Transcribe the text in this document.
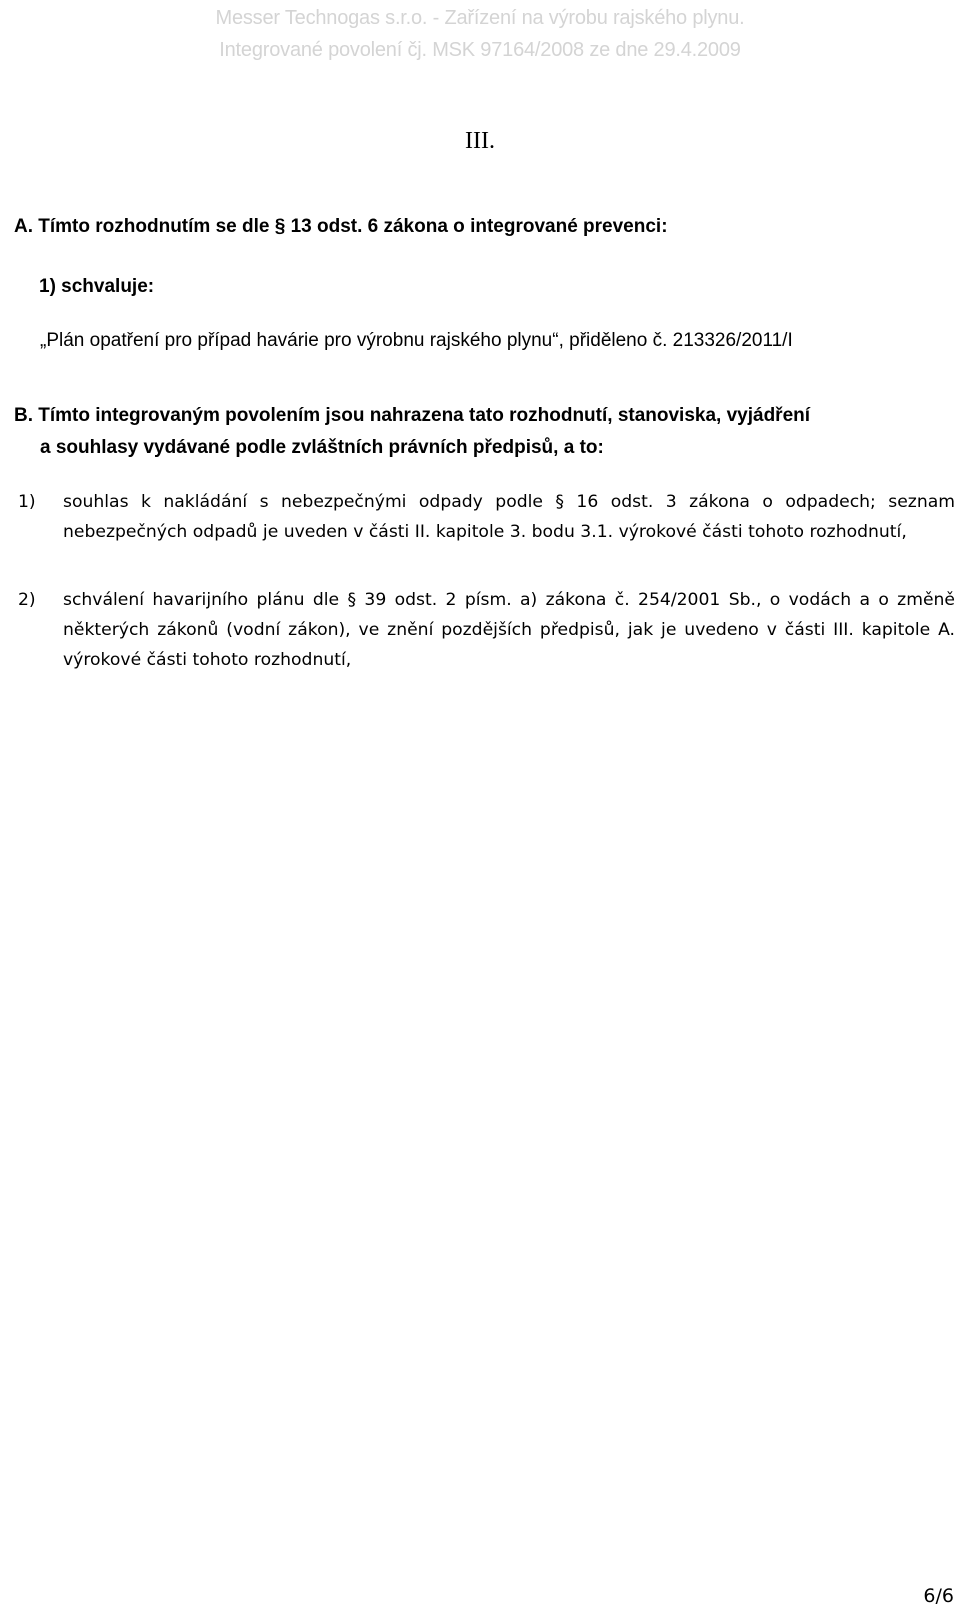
Messer Technogas s.r.o. - Zařízení na výrobu rajského plynu.
Integrované povolení čj. MSK 97164/2008 ze dne 29.4.2009
III.
A. Tímto rozhodnutím se dle § 13 odst. 6 zákona o integrované prevenci:
1) schvaluje:
„Plán opatření pro případ havárie pro výrobnu rajského plynu“, přiděleno č. 213326/2011/I
B. Tímto integrovaným povolením jsou nahrazena tato rozhodnutí, stanoviska, vyjádření
a souhlasy vydávané podle zvláštních právních předpisů, a to:
1) souhlas k nakládání s nebezpečnými odpady podle § 16 odst. 3 zákona o odpadech; seznam nebezpečných odpadů je uveden v části II. kapitole 3. bodu 3.1. výrokové části tohoto rozhodnutí,
2) schválení havarijního plánu dle § 39 odst. 2 písm. a) zákona č. 254/2001 Sb., o vodách a o změně některých zákonů (vodní zákon), ve znění pozdějších předpisů, jak je uvedeno v části III. kapitole A. výrokové části tohoto rozhodnutí,
6/6
